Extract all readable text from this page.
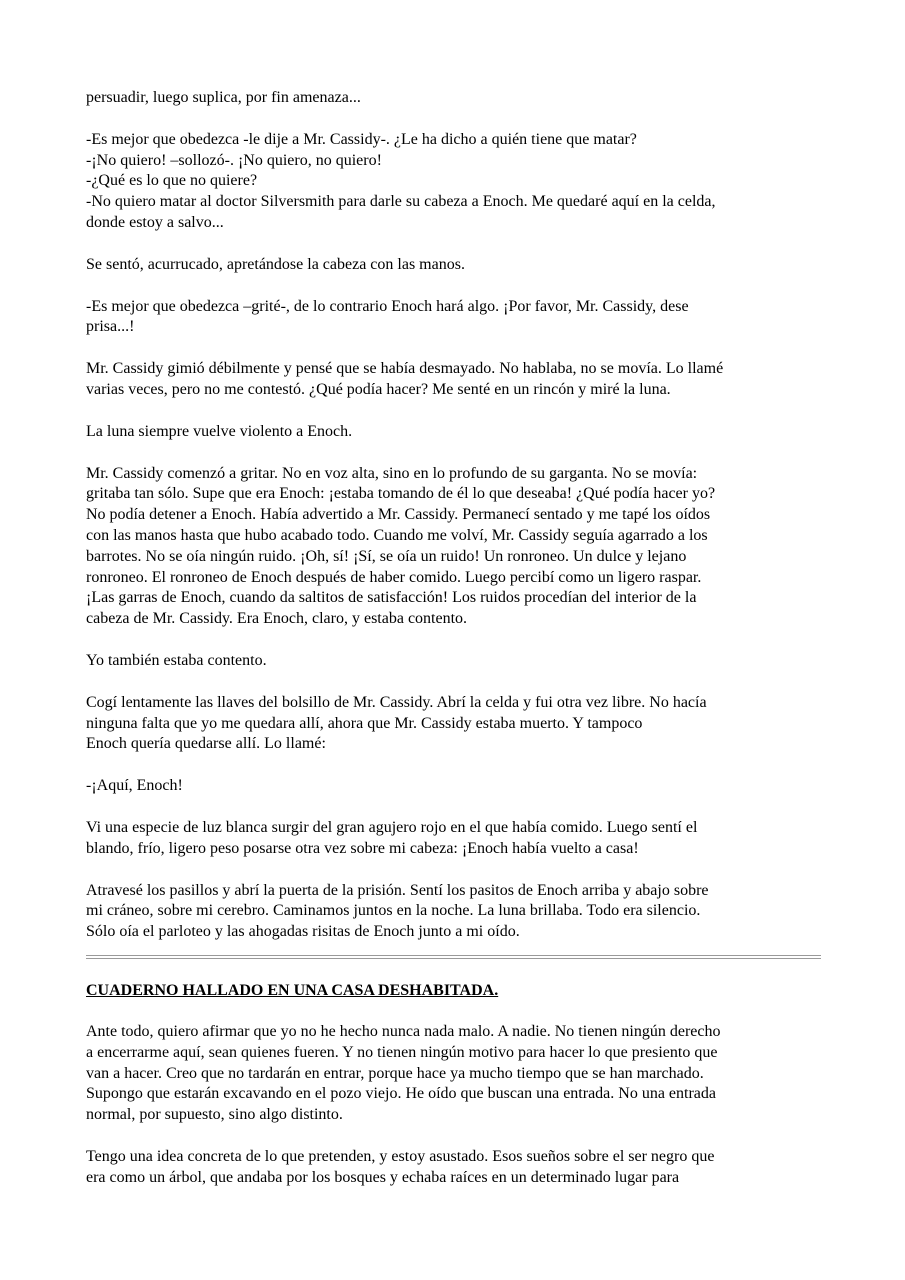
persuadir, luego suplica, por fin amenaza...

-Es mejor que obedezca -le dije a Mr. Cassidy-. ¿Le ha dicho a quién tiene que matar?
-¡No quiero! –sollozó-. ¡No quiero, no quiero!
-¿Qué es lo que no quiere?
-No quiero matar al doctor Silversmith para darle su cabeza a Enoch. Me quedaré aquí en la celda,
donde estoy a salvo...

Se sentó, acurrucado, apretándose la cabeza con las manos.

-Es mejor que obedezca –grité-, de lo contrario Enoch hará algo. ¡Por favor, Mr. Cassidy, dese
prisa...!

Mr. Cassidy gimió débilmente y pensé que se había desmayado. No hablaba, no se movía. Lo llamé
varias veces, pero no me contestó. ¿Qué podía hacer? Me senté en un rincón y miré la luna.

La luna siempre vuelve violento a Enoch.

Mr. Cassidy comenzó a gritar. No en voz alta, sino en lo profundo de su garganta. No se movía:
gritaba tan sólo. Supe que era Enoch: ¡estaba tomando de él lo que deseaba! ¿Qué podía hacer yo?
No podía detener a Enoch. Había advertido a Mr. Cassidy. Permanecí sentado y me tapé los oídos
con las manos hasta que hubo acabado todo. Cuando me volví, Mr. Cassidy seguía agarrado a los
barrotes. No se oía ningún ruido. ¡Oh, sí! ¡Sí, se oía un ruido! Un ronroneo. Un dulce y lejano
ronroneo. El ronroneo de Enoch después de haber comido. Luego percibí como un ligero raspar.
¡Las garras de Enoch, cuando da saltitos de satisfacción! Los ruidos procedían del interior de la
cabeza de Mr. Cassidy. Era Enoch, claro, y estaba contento.

Yo también estaba contento.

Cogí lentamente las llaves del bolsillo de Mr. Cassidy. Abrí la celda y fui otra vez libre. No hacía
ninguna falta que yo me quedara allí, ahora que Mr. Cassidy estaba muerto. Y tampoco
Enoch quería quedarse allí. Lo llamé:

-¡Aquí, Enoch!

Vi una especie de luz blanca surgir del gran agujero rojo en el que había comido. Luego sentí el
blando, frío, ligero peso posarse otra vez sobre mi cabeza: ¡Enoch había vuelto a casa!

Atravesé los pasillos y abrí la puerta de la prisión. Sentí los pasitos de Enoch arriba y abajo sobre
mi cráneo, sobre mi cerebro. Caminamos juntos en la noche. La luna brillaba. Todo era silencio.
Sólo oía el parloteo y las ahogadas risitas de Enoch junto a mi oído.

CUADERNO HALLADO EN UNA CASA DESHABITADA.

Ante todo, quiero afirmar que yo no he hecho nunca nada malo. A nadie. No tienen ningún derecho
a encerrarme aquí, sean quienes fueren. Y no tienen ningún motivo para hacer lo que presiento que
van a hacer. Creo que no tardarán en entrar, porque hace ya mucho tiempo que se han marchado.
Supongo que estarán excavando en el pozo viejo. He oído que buscan una entrada. No una entrada
normal, por supuesto, sino algo distinto.

Tengo una idea concreta de lo que pretenden, y estoy asustado. Esos sueños sobre el ser negro que
era como un árbol, que andaba por los bosques y echaba raíces en un determinado lugar para
